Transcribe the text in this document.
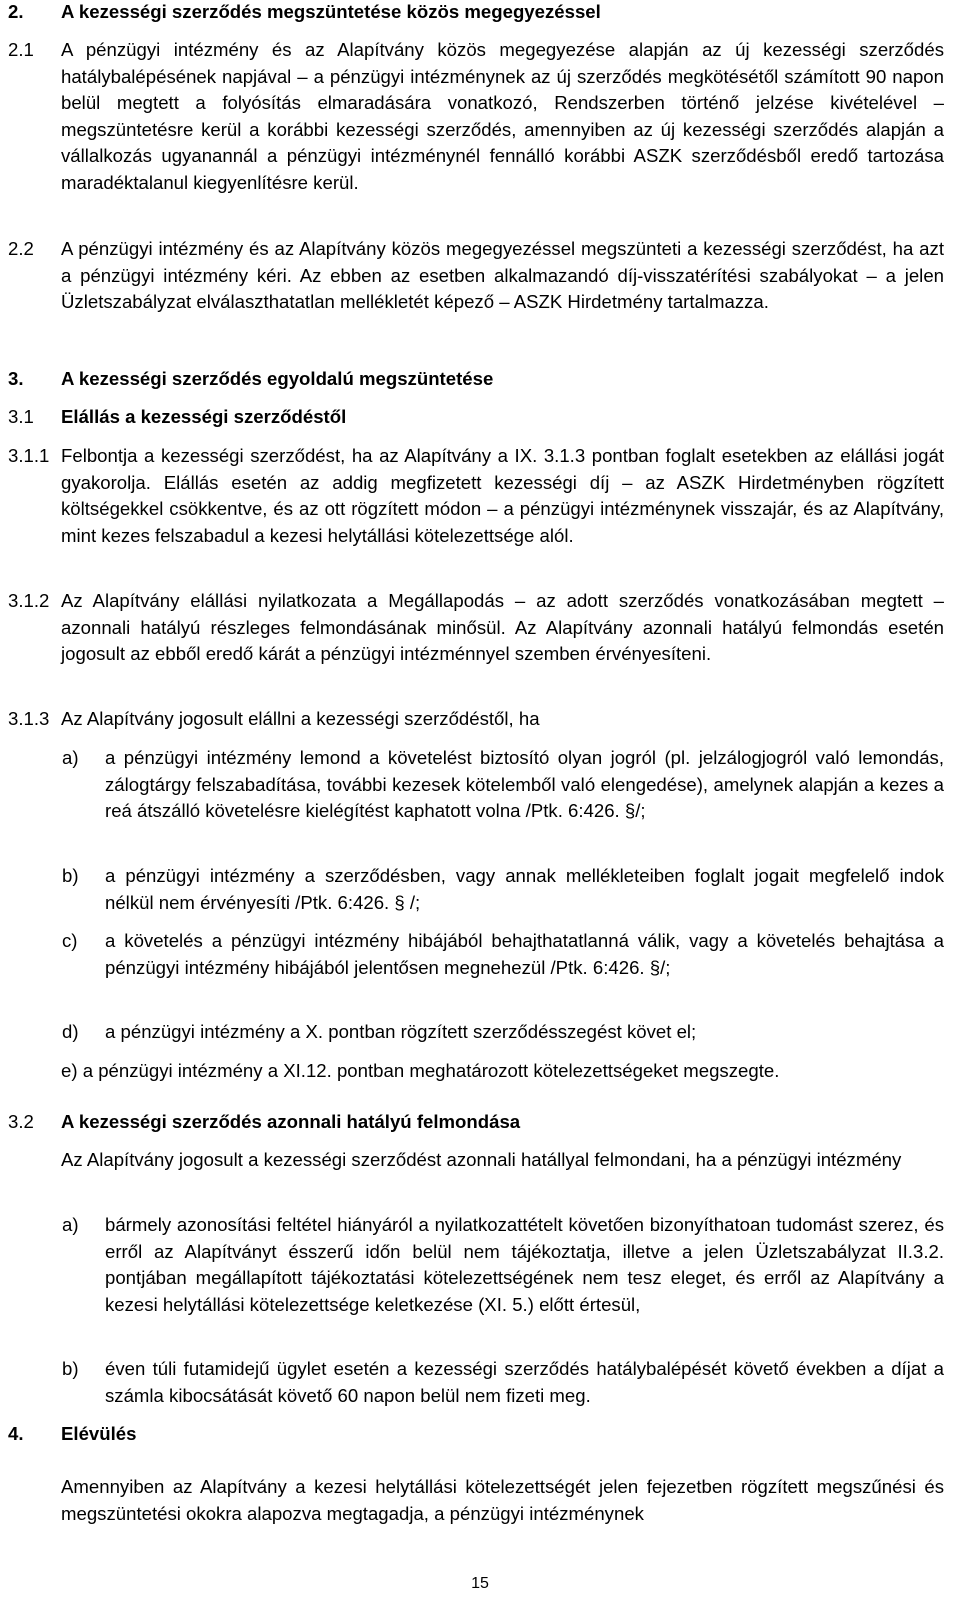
2. A kezességi szerződés megszüntetése közös megegyezéssel
2.1 A pénzügyi intézmény és az Alapítvány közös megegyezése alapján az új kezességi szerződés hatálybalépésének napjával – a pénzügyi intézménynek az új szerződés megkötésétől számított 90 napon belül megtett a folyósítás elmaradására vonatkozó, Rendszerben történő jelzése kivételével – megszüntetésre kerül a korábbi kezességi szerződés, amennyiben az új kezességi szerződés alapján a vállalkozás ugyanannál a pénzügyi intézménynél fennálló korábbi ASZK szerződésből eredő tartozása maradéktalanul kiegyenlítésre kerül.
2.2 A pénzügyi intézmény és az Alapítvány közös megegyezéssel megszünteti a kezességi szerződést, ha azt a pénzügyi intézmény kéri. Az ebben az esetben alkalmazandó díj-visszatérítési szabályokat – a jelen Üzletszabályzat elválaszthatatlan mellékletét képező – ASZK Hirdetmény tartalmazza.
3. A kezességi szerződés egyoldalú megszüntetése
3.1 Elállás a kezességi szerződéstől
3.1.1 Felbontja a kezességi szerződést, ha az Alapítvány a IX. 3.1.3 pontban foglalt esetekben az elállási jogát gyakorolja. Elállás esetén az addig megfizetett kezességi díj – az ASZK Hirdetményben rögzített költségekkel csökkentve, és az ott rögzített módon – a pénzügyi intézménynek visszajár, és az Alapítvány, mint kezes felszabadul a kezesi helytállási kötelezettsége alól.
3.1.2 Az Alapítvány elállási nyilatkozata a Megállapodás – az adott szerződés vonatkozásában megtett – azonnali hatályú részleges felmondásának minősül. Az Alapítvány azonnali hatályú felmondás esetén jogosult az ebből eredő kárát a pénzügyi intézménnyel szemben érvényesíteni.
3.1.3 Az Alapítvány jogosult elállni a kezességi szerződéstől, ha
a) a pénzügyi intézmény lemond a követelést biztosító olyan jogról (pl. jelzálogjogról való lemondás, zálogtárgy felszabadítása, további kezesek kötelemből való elengedése), amelynek alapján a kezes a reá átszálló követelésre kielégítést kaphatott volna /Ptk. 6:426. §/;
b) a pénzügyi intézmény a szerződésben, vagy annak mellékleteiben foglalt jogait megfelelő indok nélkül nem érvényesíti /Ptk. 6:426. § /;
c) a követelés a pénzügyi intézmény hibájából behajthatatlanná válik, vagy a követelés behajtása a pénzügyi intézmény hibájából jelentősen megnehezül /Ptk. 6:426. §/;
d) a pénzügyi intézmény a X. pontban rögzített szerződésszegést követ el;
e) a pénzügyi intézmény a XI.12. pontban meghatározott kötelezettségeket megszegte.
3.2 A kezességi szerződés azonnali hatályú felmondása
Az Alapítvány jogosult a kezességi szerződést azonnali hatállyal felmondani, ha a pénzügyi intézmény
a) bármely azonosítási feltétel hiányáról a nyilatkozattételt követően bizonyíthatoan tudomást szerez, és erről az Alapítványt ésszerű időn belül nem tájékoztatja, illetve a jelen Üzletszabályzat II.3.2. pontjában megállapított tájékoztatási kötelezettségének nem tesz eleget, és erről az Alapítvány a kezesi helytállási kötelezettsége keletkezése (XI. 5.) előtt értesül,
b) éven túli futamidejű ügylet esetén a kezességi szerződés hatálybalépését követő években a díjat a számla kibocsátását követő 60 napon belül nem fizeti meg.
4. Elévülés
Amennyiben az Alapítvány a kezesi helytállási kötelezettségét jelen fejezetben rögzített megszűnési és megszüntetési okokra alapozva megtagadja, a pénzügyi intézménynek
15
